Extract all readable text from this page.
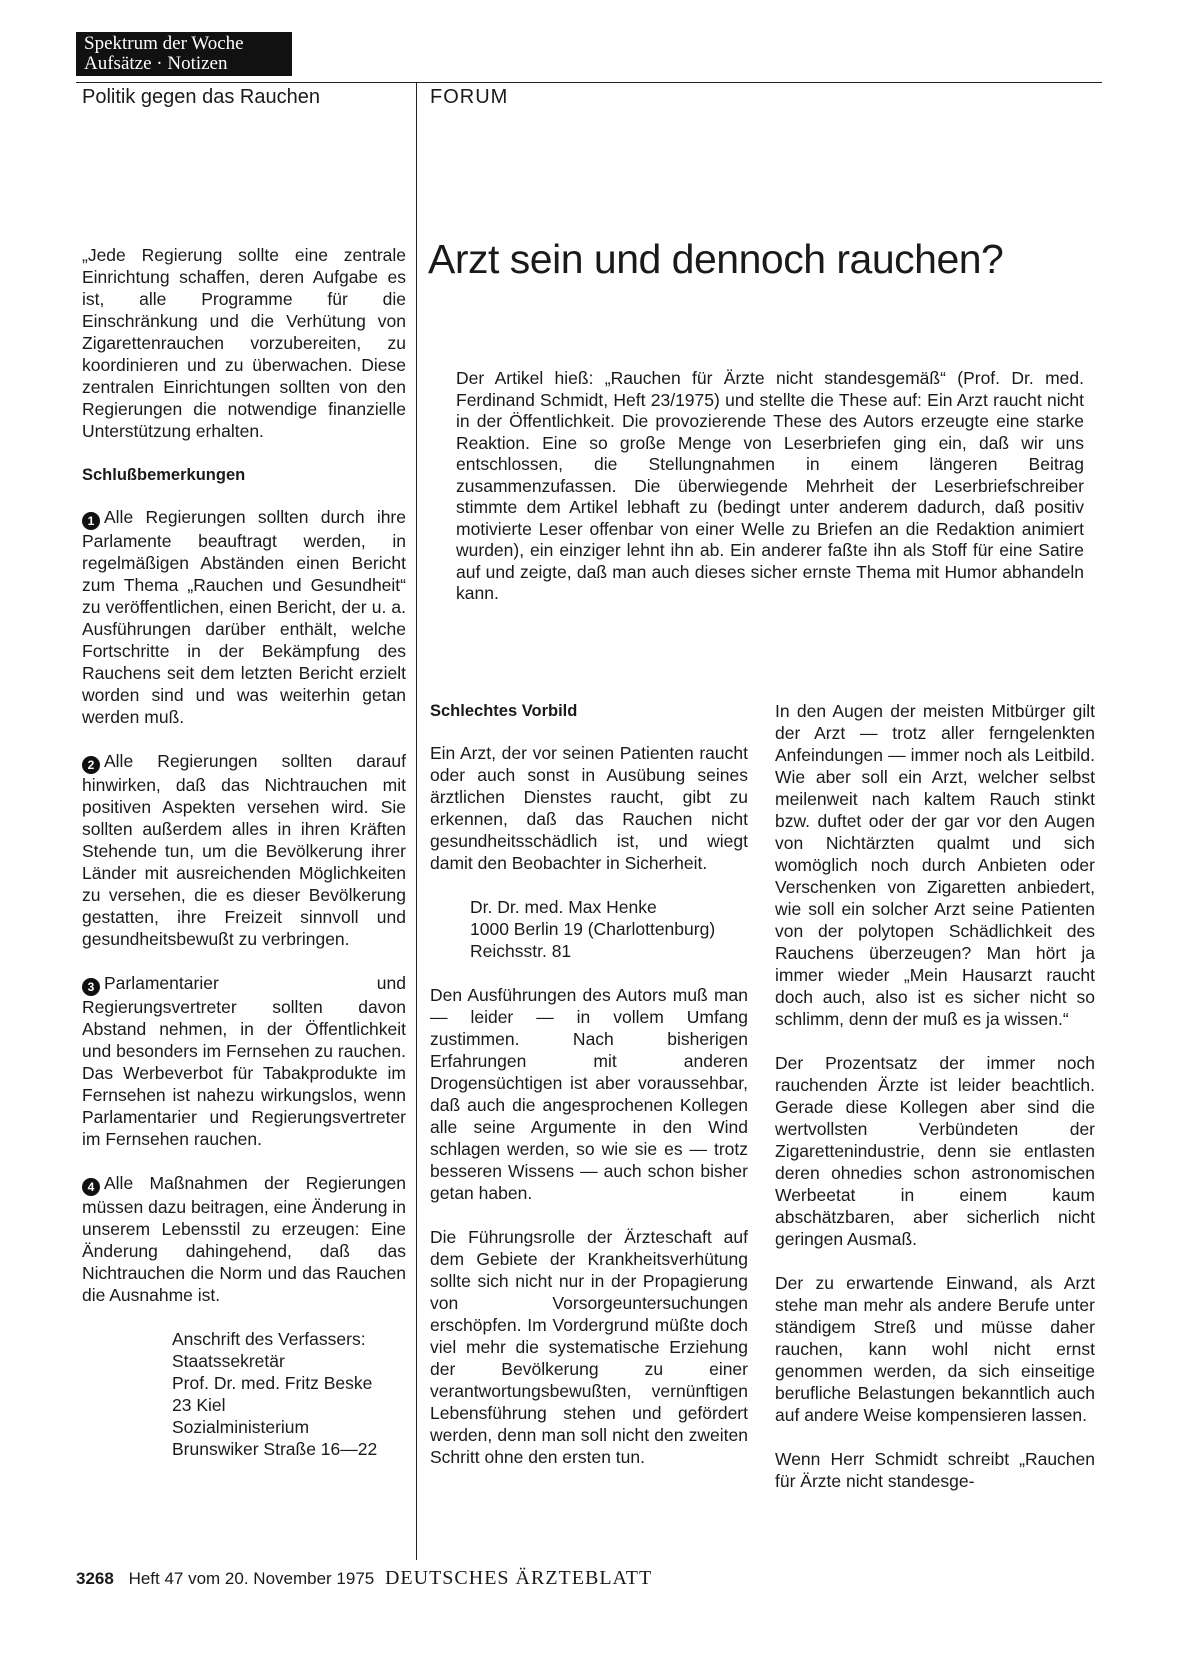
Spektrum der Woche
Aufsätze · Notizen
Politik gegen das Rauchen	FORUM
Arzt sein und dennoch rauchen?

„Jede Regierung sollte eine zentrale Einrichtung schaffen, deren Aufgabe es ist, alle Programme für die Einschränkung und die Verhütung von Zigarettenrauchen vorzubereiten, zu koordinieren und zu überwachen. Diese zentralen Einrichtungen sollten von den Regierungen die notwendige finanzielle Unterstützung erhalten.

Schlußbemerkungen

1 Alle Regierungen sollten durch ihre Parlamente beauftragt werden, in regelmäßigen Abständen einen Bericht zum Thema „Rauchen und Gesundheit“ zu veröffentlichen, einen Bericht, der u. a. Ausführungen darüber enthält, welche Fortschritte in der Bekämpfung des Rauchens seit dem letzten Bericht erzielt worden sind und was weiterhin getan werden muß.

2 Alle Regierungen sollten darauf hinwirken, daß das Nichtrauchen mit positiven Aspekten versehen wird. Sie sollten außerdem alles in ihren Kräften Stehende tun, um die Bevölkerung ihrer Länder mit ausreichenden Möglichkeiten zu versehen, die es dieser Bevölkerung gestatten, ihre Freizeit sinnvoll und gesundheitsbewußt zu verbringen.

3 Parlamentarier und Regierungsvertreter sollten davon Abstand nehmen, in der Öffentlichkeit und besonders im Fernsehen zu rauchen. Das Werbeverbot für Tabakprodukte im Fernsehen ist nahezu wirkungslos, wenn Parlamentarier und Regierungsvertreter im Fernsehen rauchen.

4 Alle Maßnahmen der Regierungen müssen dazu beitragen, eine Änderung in unserem Lebensstil zu erzeugen: Eine Änderung dahingehend, daß das Nichtrauchen die Norm und das Rauchen die Ausnahme ist.

Anschrift des Verfassers:
Staatssekretär
Prof. Dr. med. Fritz Beske
23 Kiel
Sozialministerium
Brunswiker Straße 16—22
Der Artikel hieß: „Rauchen für Ärzte nicht standesgemäß“ (Prof. Dr. med. Ferdinand Schmidt, Heft 23/1975) und stellte die These auf: Ein Arzt raucht nicht in der Öffentlichkeit. Die provozierende These des Autors erzeugte eine starke Reaktion. Eine so große Menge von Leserbriefen ging ein, daß wir uns entschlossen, die Stellungnahmen in einem längeren Beitrag zusammenzufassen. Die überwiegende Mehrheit der Leserbriefschreiber stimmte dem Artikel lebhaft zu (bedingt unter anderem dadurch, daß positiv motivierte Leser offenbar von einer Welle zu Briefen an die Redaktion animiert wurden), ein einziger lehnt ihn ab. Ein anderer faßte ihn als Stoff für eine Satire auf und zeigte, daß man auch dieses sicher ernste Thema mit Humor abhandeln kann.
Schlechtes Vorbild

Ein Arzt, der vor seinen Patienten raucht oder auch sonst in Ausübung seines ärztlichen Dienstes raucht, gibt zu erkennen, daß das Rauchen nicht gesundheitsschädlich ist, und wiegt damit den Beobachter in Sicherheit.

Dr. Dr. med. Max Henke
1000 Berlin 19 (Charlottenburg)
Reichsstr. 81

Den Ausführungen des Autors muß man — leider — in vollem Umfang zustimmen. Nach bisherigen Erfahrungen mit anderen Drogensüchtigen ist aber voraussehbar, daß auch die angesprochenen Kollegen alle seine Argumente in den Wind schlagen werden, so wie sie es — trotz besseren Wissens — auch schon bisher getan haben.

Die Führungsrolle der Ärzteschaft auf dem Gebiete der Krankheitsverhütung sollte sich nicht nur in der Propagierung von Vorsorgeuntersuchungen erschöpfen. Im Vordergrund müßte doch viel mehr die systematische Erziehung der Bevölkerung zu einer verantwortungsbewußten, vernünftigen Lebensführung stehen und gefördert werden, denn man soll nicht den zweiten Schritt ohne den ersten tun.

In den Augen der meisten Mitbürger gilt der Arzt — trotz aller ferngelenkten Anfeindungen — immer noch als Leitbild. Wie aber soll ein Arzt, welcher selbst meilenweit nach kaltem Rauch stinkt bzw. duftet oder der gar vor den Augen von Nichtärzten qualmt und sich womöglich noch durch Anbieten oder Verschenken von Zigaretten anbiedert, wie soll ein solcher Arzt seine Patienten von der polytopen Schädlichkeit des Rauchens überzeugen? Man hört ja immer wieder „Mein Hausarzt raucht doch auch, also ist es sicher nicht so schlimm, denn der muß es ja wissen.“

Der Prozentsatz der immer noch rauchenden Ärzte ist leider beachtlich. Gerade diese Kollegen aber sind die wertvollsten Verbündeten der Zigarettenindustrie, denn sie entlasten deren ohnedies schon astronomischen Werbeetat in einem kaum abschätzbaren, aber sicherlich nicht geringen Ausmaß.

Der zu erwartende Einwand, als Arzt stehe man mehr als andere Berufe unter ständigem Streß und müsse daher rauchen, kann wohl nicht ernst genommen werden, da sich einseitige berufliche Belastungen bekanntlich auch auf andere Weise kompensieren lassen.

Wenn Herr Schmidt schreibt „Rauchen für Ärzte nicht standesge-

3268 Heft 47 vom 20. November 1975 DEUTSCHES ÄRZTEBLATT
